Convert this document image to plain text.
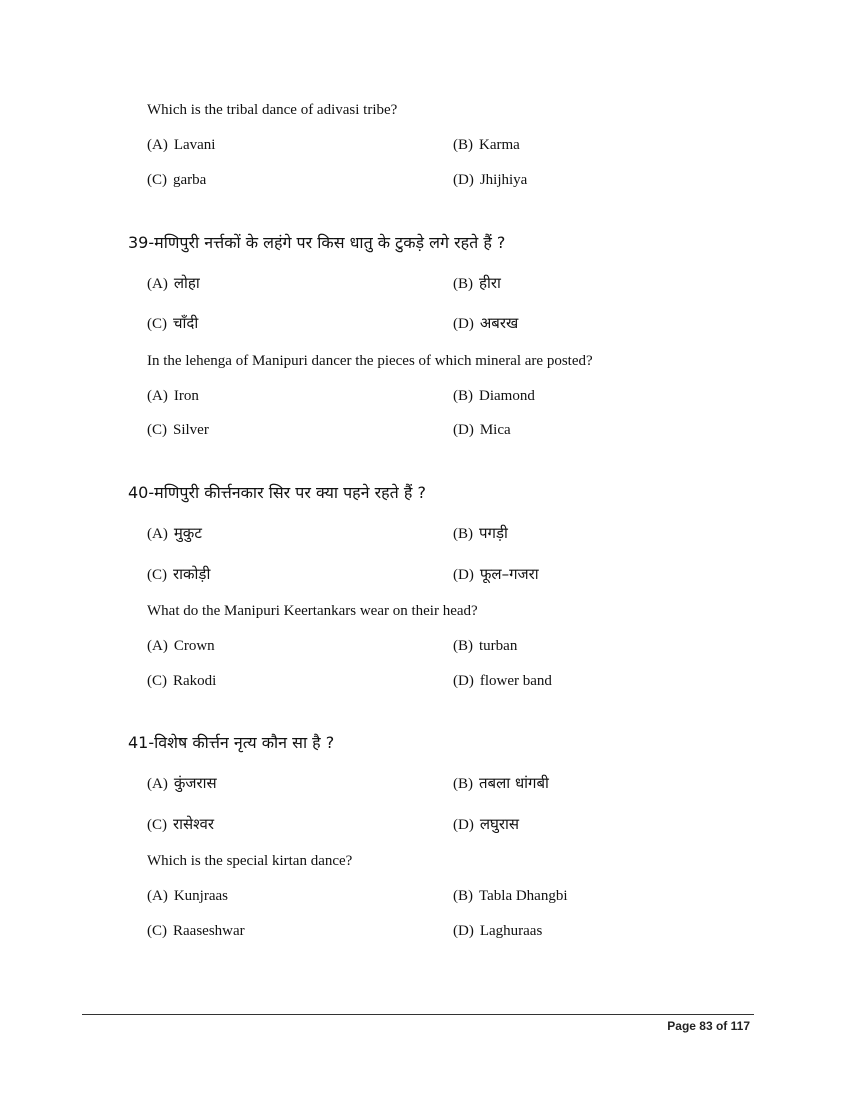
Which is the tribal dance of adivasi tribe?
(A) Lavani	(B) Karma
(C) garba	(D) Jhijhiya
39-मणिपुरी नर्त्तकों के लहंगे पर किस धातु के टुकड़े लगे रहते हैं ?
(A) लोहा	(B) हीरा
(C) चाँदी	(D) अबरख
In the lehenga of Manipuri dancer the pieces of which mineral are posted?
(A) Iron	(B) Diamond
(C) Silver	(D) Mica
40-मणिपुरी कीर्त्तनकार सिर पर क्या पहने रहते हैं ?
(A) मुकुट	(B) पगड़ी
(C) राकोड़ी	(D) फूल–गजरा
What do the Manipuri Keertankars wear on their head?
(A) Crown	(B) turban
(C) Rakodi	(D) flower band
41-विशेष कीर्त्तन नृत्य कौन सा है ?
(A) कुंजरास	(B) तबला धांगबी
(C) रासेश्वर	(D) लघुरास
Which is the special kirtan dance?
(A) Kunjraas	(B) Tabla Dhangbi
(C) Raaseshwar	(D) Laghuraas
Page 83 of 117
